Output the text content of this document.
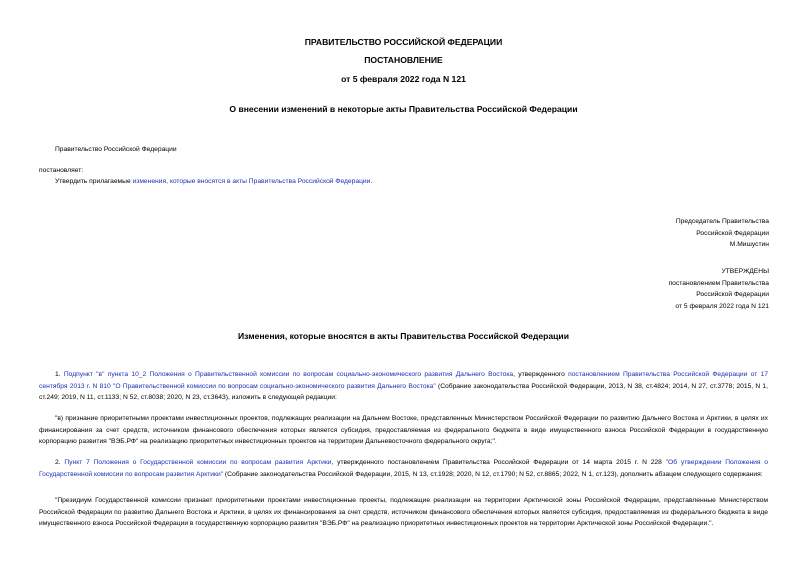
ПРАВИТЕЛЬСТВО РОССИЙСКОЙ ФЕДЕРАЦИИ
ПОСТАНОВЛЕНИЕ
от 5 февраля 2022 года N 121
О внесении изменений в некоторые акты Правительства Российской Федерации
Правительство Российской Федерации
постановляет:
Утвердить прилагаемые изменения, которые вносятся в акты Правительства Российской Федерации.
Председатель Правительства
Российской Федерации
М.Мишустин
УТВЕРЖДЕНЫ
постановлением Правительства
Российской Федерации
от 5 февраля 2022 года N 121
Изменения, которые вносятся в акты Правительства Российской Федерации
1. Подпункт "в" пункта 10_2 Положения о Правительственной комиссии по вопросам социально-экономического развития Дальнего Востока, утвержденного постановлением Правительства Российской Федерации от 17 сентября 2013 г. N 810 "О Правительственной комиссии по вопросам социально-экономического развития Дальнего Востока" (Собрание законодательства Российской Федерации, 2013, N 38, ст.4824; 2014, N 27, ст.3778; 2015, N 1, ст.249; 2019, N 11, ст.1133; N 52, ст.8038; 2020, N 23, ст.3643), изложить в следующей редакции:
"в) признание приоритетными проектами инвестиционных проектов, подлежащих реализации на Дальнем Востоке, представленных Министерством Российской Федерации по развитию Дальнего Востока и Арктики, в целях их финансирования за счет средств, источником финансового обеспечения которых является субсидия, предоставляемая из федерального бюджета в виде имущественного взноса Российской Федерации в государственную корпорацию развития "ВЭБ.РФ" на реализацию приоритетных инвестиционных проектов на территории Дальневосточного федерального округа;".
2. Пункт 7 Положения о Государственной комиссии по вопросам развития Арктики, утвержденного постановлением Правительства Российской Федерации от 14 марта 2015 г. N 228 "Об утверждении Положения о Государственной комиссии по вопросам развития Арктики" (Собрание законодательства Российской Федерации, 2015, N 13, ст.1928; 2020, N 12, ст.1790; N 52, ст.8865; 2022, N 1, ст.123), дополнить абзацем следующего содержания:
"Президиум Государственной комиссии признает приоритетными проектами инвестиционные проекты, подлежащие реализации на территории Арктической зоны Российской Федерации, представленные Министерством Российской Федерации по развитию Дальнего Востока и Арктики, в целях их финансирования за счет средств, источником финансового обеспечения которых является субсидия, предоставляемая из федерального бюджета в виде имущественного взноса Российской Федерации в государственную корпорацию развития "ВЭБ.РФ" на реализацию приоритетных инвестиционных проектов на территории Арктической зоны Российской Федерации.".
